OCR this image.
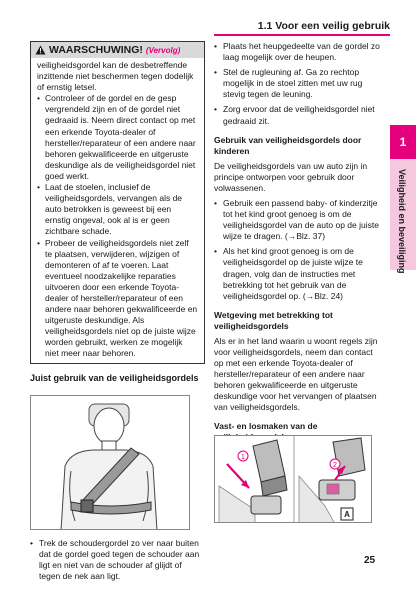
1.1 Voor een veilig gebruik
1
Veiligheid en beveiliging
WAARSCHUWING! (Vervolg)

veiligheidsgordel kan de desbetreffende inzittende niet beschermen tegen dodelijk of ernstig letsel.

• Controleer of de gordel en de gesp vergrendeld zijn en of de gordel niet gedraaid is. Neem direct contact op met een erkende Toyota-dealer of hersteller/reparateur of een andere naar behoren gekwalificeerde en uitgeruste deskundige als de veiligheidsgordel niet goed werkt.
• Laat de stoelen, inclusief de veiligheidsgordels, vervangen als de auto betrokken is geweest bij een ernstig ongeval, ook al is er geen zichtbare schade.
• Probeer de veiligheidsgordels niet zelf te plaatsen, verwijderen, wijzigen of demonteren of af te voeren. Laat eventueel noodzakelijke reparaties uitvoeren door een erkende Toyota-dealer of hersteller/reparateur of een andere naar behoren gekwalificeerde en uitgeruste deskundige. Als veiligheidsgordels niet op de juiste wijze worden gebruikt, werken ze mogelijk niet meer naar behoren.
Juist gebruik van de veiligheidsgordels
• Trek de schoudergordel zo ver naar buiten dat de gordel goed tegen de schouder aan ligt en niet van de schouder af glijdt of tegen de nek aan ligt.
• Plaats het heupgedeelte van de gordel zo laag mogelijk over de heupen.
• Stel de rugleuning af. Ga zo rechtop mogelijk in de stoel zitten met uw rug stevig tegen de leuning.
• Zorg ervoor dat de veiligheidsgordel niet gedraaid zit.
Gebruik van veiligheidsgordels door kinderen

De veiligheidsgordels van uw auto zijn in principe ontworpen voor gebruik door volwassenen.

• Gebruik een passend baby- of kinderzitje tot het kind groot genoeg is om de veiligheidsgordel van de auto op de juiste wijze te dragen. (→Blz. 37)
• Als het kind groot genoeg is om de veiligheidsgordel op de juiste wijze te dragen, volg dan de instructies met betrekking tot het gebruik van de veiligheidsgordel op. (→Blz. 24)
Wetgeving met betrekking tot veiligheidsgordels

Als er in het land waarin u woont regels zijn voor veiligheidsgordels, neem dan contact op met een erkende Toyota-dealer of hersteller/reparateur of een andere naar behoren gekwalificeerde en uitgeruste deskundige voor het vervangen of plaatsen van veiligheidsgordels.

Vast- en losmaken van de
1
2
A
25
